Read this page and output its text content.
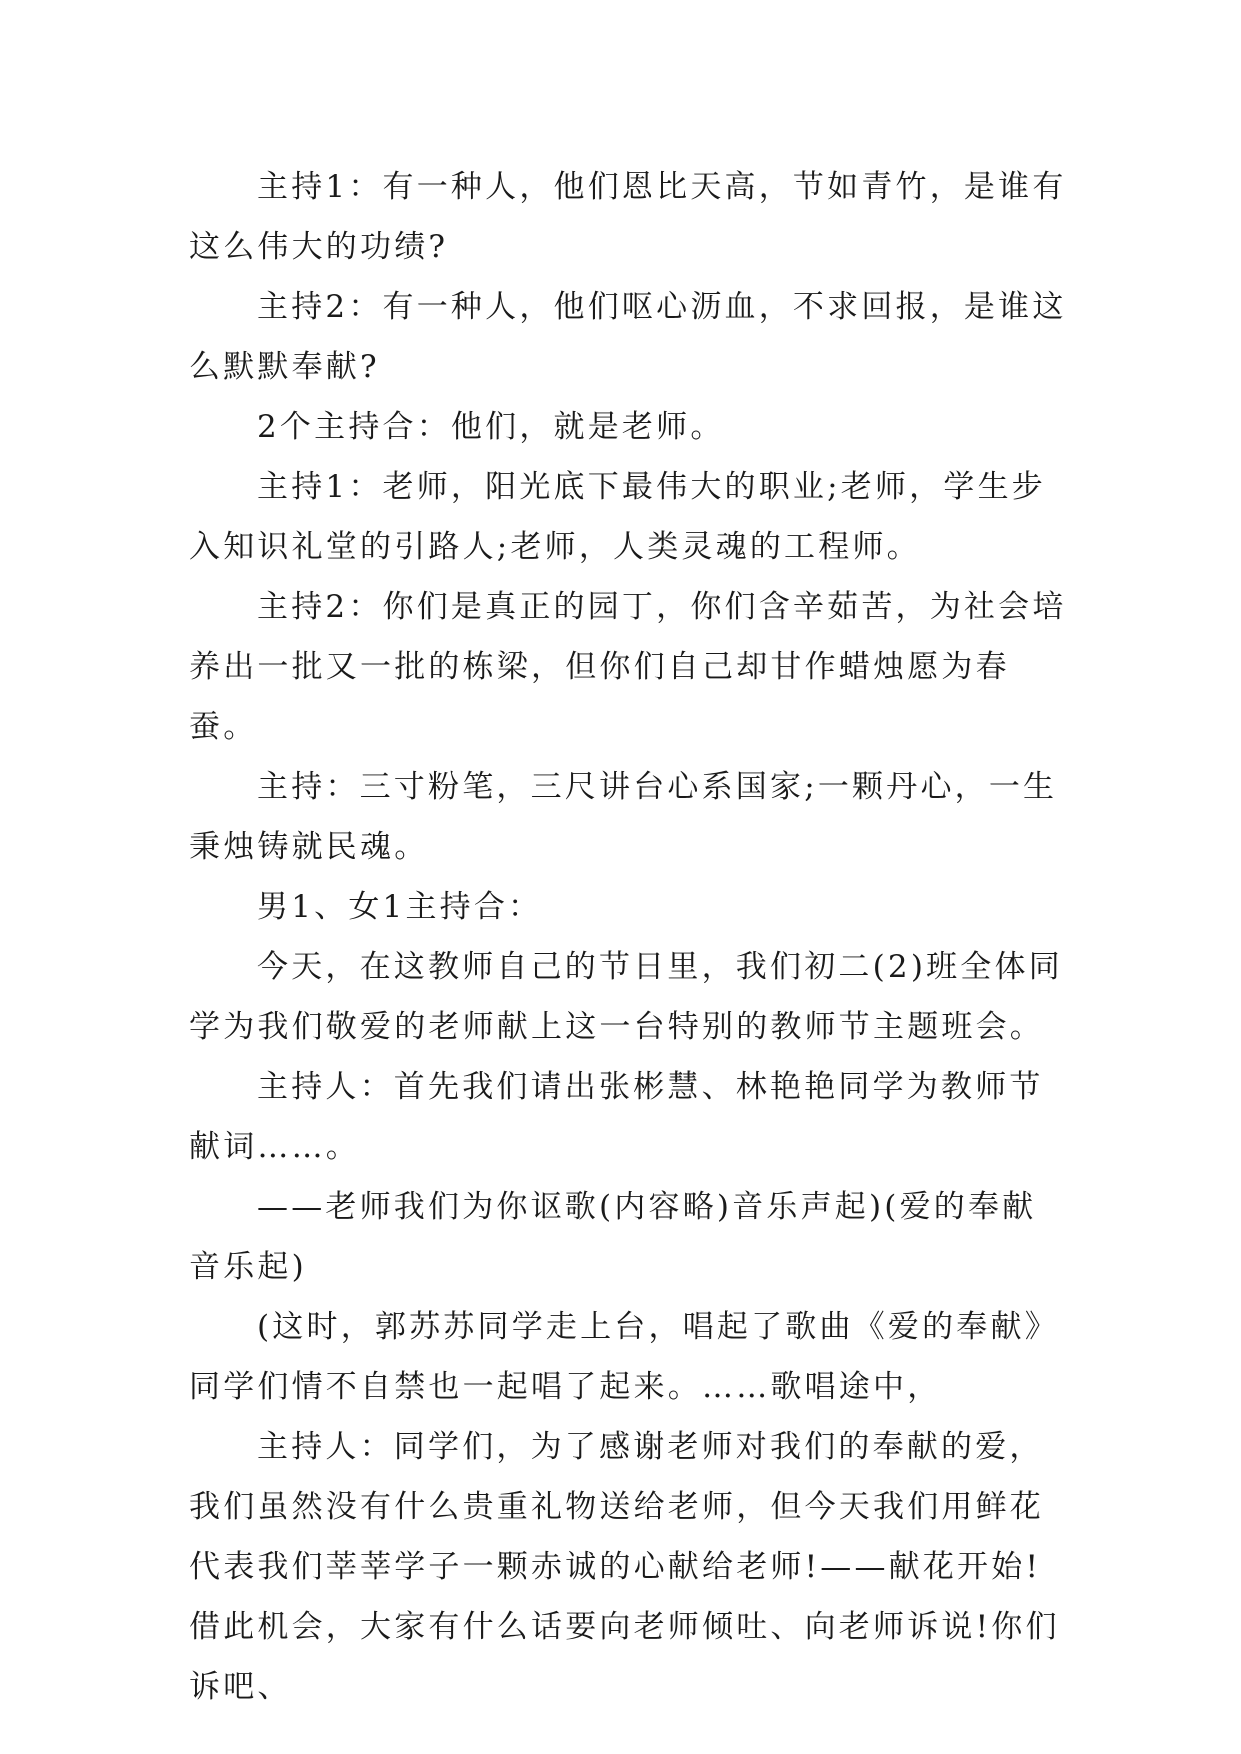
主持1：有一种人，他们恩比天高，节如青竹，是谁有这么伟大的功绩?

主持2：有一种人，他们呕心沥血，不求回报，是谁这么默默奉献?

2个主持合：他们，就是老师。

主持1：老师，阳光底下最伟大的职业;老师，学生步入知识礼堂的引路人;老师，人类灵魂的工程师。

主持2：你们是真正的园丁，你们含辛茹苦，为社会培养出一批又一批的栋梁，但你们自己却甘作蜡烛愿为春蚕。

主持：三寸粉笔，三尺讲台心系国家;一颗丹心，一生秉烛铸就民魂。

男1、女1主持合：

今天，在这教师自己的节日里，我们初二(2)班全体同学为我们敬爱的老师献上这一台特别的教师节主题班会。

主持人：首先我们请出张彬慧、林艳艳同学为教师节献词……。

——老师我们为你讴歌(内容略)音乐声起)(爱的奉献音乐起)

(这时，郭苏苏同学走上台，唱起了歌曲《爱的奉献》同学们情不自禁也一起唱了起来。……歌唱途中，

主持人：同学们，为了感谢老师对我们的奉献的爱，我们虽然没有什么贵重礼物送给老师，但今天我们用鲜花代表我们莘莘学子一颗赤诚的心献给老师!——献花开始!借此机会，大家有什么话要向老师倾吐、向老师诉说!你们诉吧、
